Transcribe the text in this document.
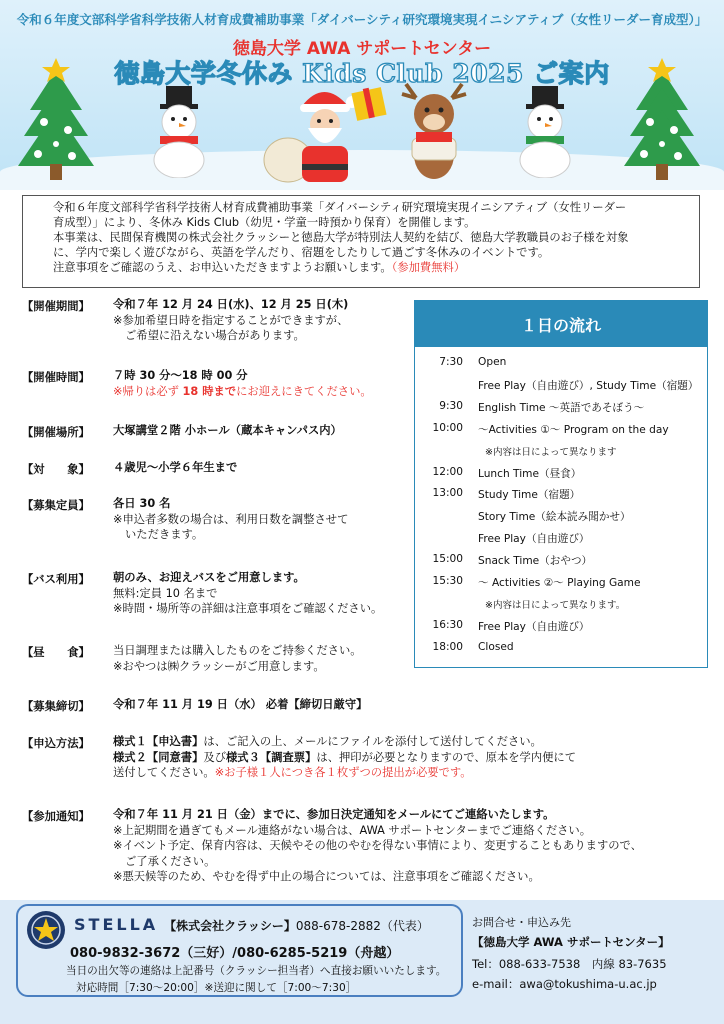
令和６年度文部科学省科学技術人材育成費補助事業「ダイバーシティ研究環境実現イニシアティブ（女性リーダー育成型）」
徳島大学 AWA サポートセンター
徳島大学冬休み Kids Club 2025 ご案内
令和６年度文部科学省科学技術人材育成費補助事業「ダイバーシティ研究環境実現イニシアティブ（女性リーダー
育成型）」により、冬休み Kids Club（幼児・学童一時預かり保育）を開催します。
本事業は、民間保育機関の株式会社クラッシーと徳島大学が特別法人契約を結び、徳島大学教職員のお子様を対象
に、学内で楽しく遊びながら、英語を学んだり、宿題をしたりして過ごす冬休みのイベントです。
注意事項をご確認のうえ、お申込いただきますようお願いします。（参加費無料）
【開催期間】 令和７年 12 月 24 日(水)、12 月 25 日(木)
※参加希望日時を指定することができますが、
ご希望に沿えない場合があります。
【開催時間】 ７時 30 分～18 時 00 分
※帰りは必ず 18 時までにお迎えにきてください。
【開催場所】 大塚講堂２階 小ホール（蔵本キャンパス内）
【対　　象】 ４歳児～小学６年生まで
【募集定員】 各日 30 名
※申込者多数の場合は、利用日数を調整させて
いただきます。
【バス利用】 朝のみ、お迎えバスをご用意します。
無料:定員 10 名まで
※時間・場所等の詳細は注意事項をご確認ください。
【昼　　食】 当日調理または購入したものをご持参ください。
※おやつは㈱クラッシーがご用意します。
【募集締切】 令和７年 11 月 19 日（水） 必着【締切日厳守】
【申込方法】 様式１【申込書】は、ご記入の上、メールにファイルを添付して送付してください。
様式２【同意書】及び様式３【調査票】は、押印が必要となりますので、原本を学内便にて
送付してください。※お子様１人につき各１枚ずつの提出が必要です。
【参加通知】 令和７年 11 月 21 日（金）までに、参加日決定通知をメールにてご連絡いたします。
※上記期間を過ぎてもメール連絡がない場合は、AWA サポートセンターまでご連絡ください。
※イベント予定、保育内容は、天候やその他のやむを得ない事情により、変更することもありますので、
ご了承ください。
※悪天候等のため、やむを得ず中止の場合については、注意事項をご確認ください。
１日の流れ
7:30 Open
Free Play（自由遊び）, Study Time（宿題）
9:30 English Time ～英語であそぼう～
10:00 ～Activities ①～ Program on the day
※内容は日によって異なります
12:00 Lunch Time（昼食）
13:00 Study Time（宿題）
Story Time（絵本読み聞かせ）
Free Play（自由遊び）
15:00 Snack Time（おやつ）
15:30 ～ Activities ②～ Playing Game
※内容は日によって異なります。
16:30 Free Play（自由遊び）
18:00 Closed
STELLA 【株式会社クラッシー】088-678-2882（代表）
080-9832-3672（三好）/080-6285-5219（舟越）
当日の出欠等の連絡は上記番号（クラッシー担当者）へ直接お願いいたします。
対応時間［7:30～20:00］※送迎に関して［7:00～7:30］
お問合せ・申込み先
【徳島大学 AWA サポートセンター】
Tel：088-633-7538　内線 83-7635
e-mail：awa@tokushima-u.ac.jp
